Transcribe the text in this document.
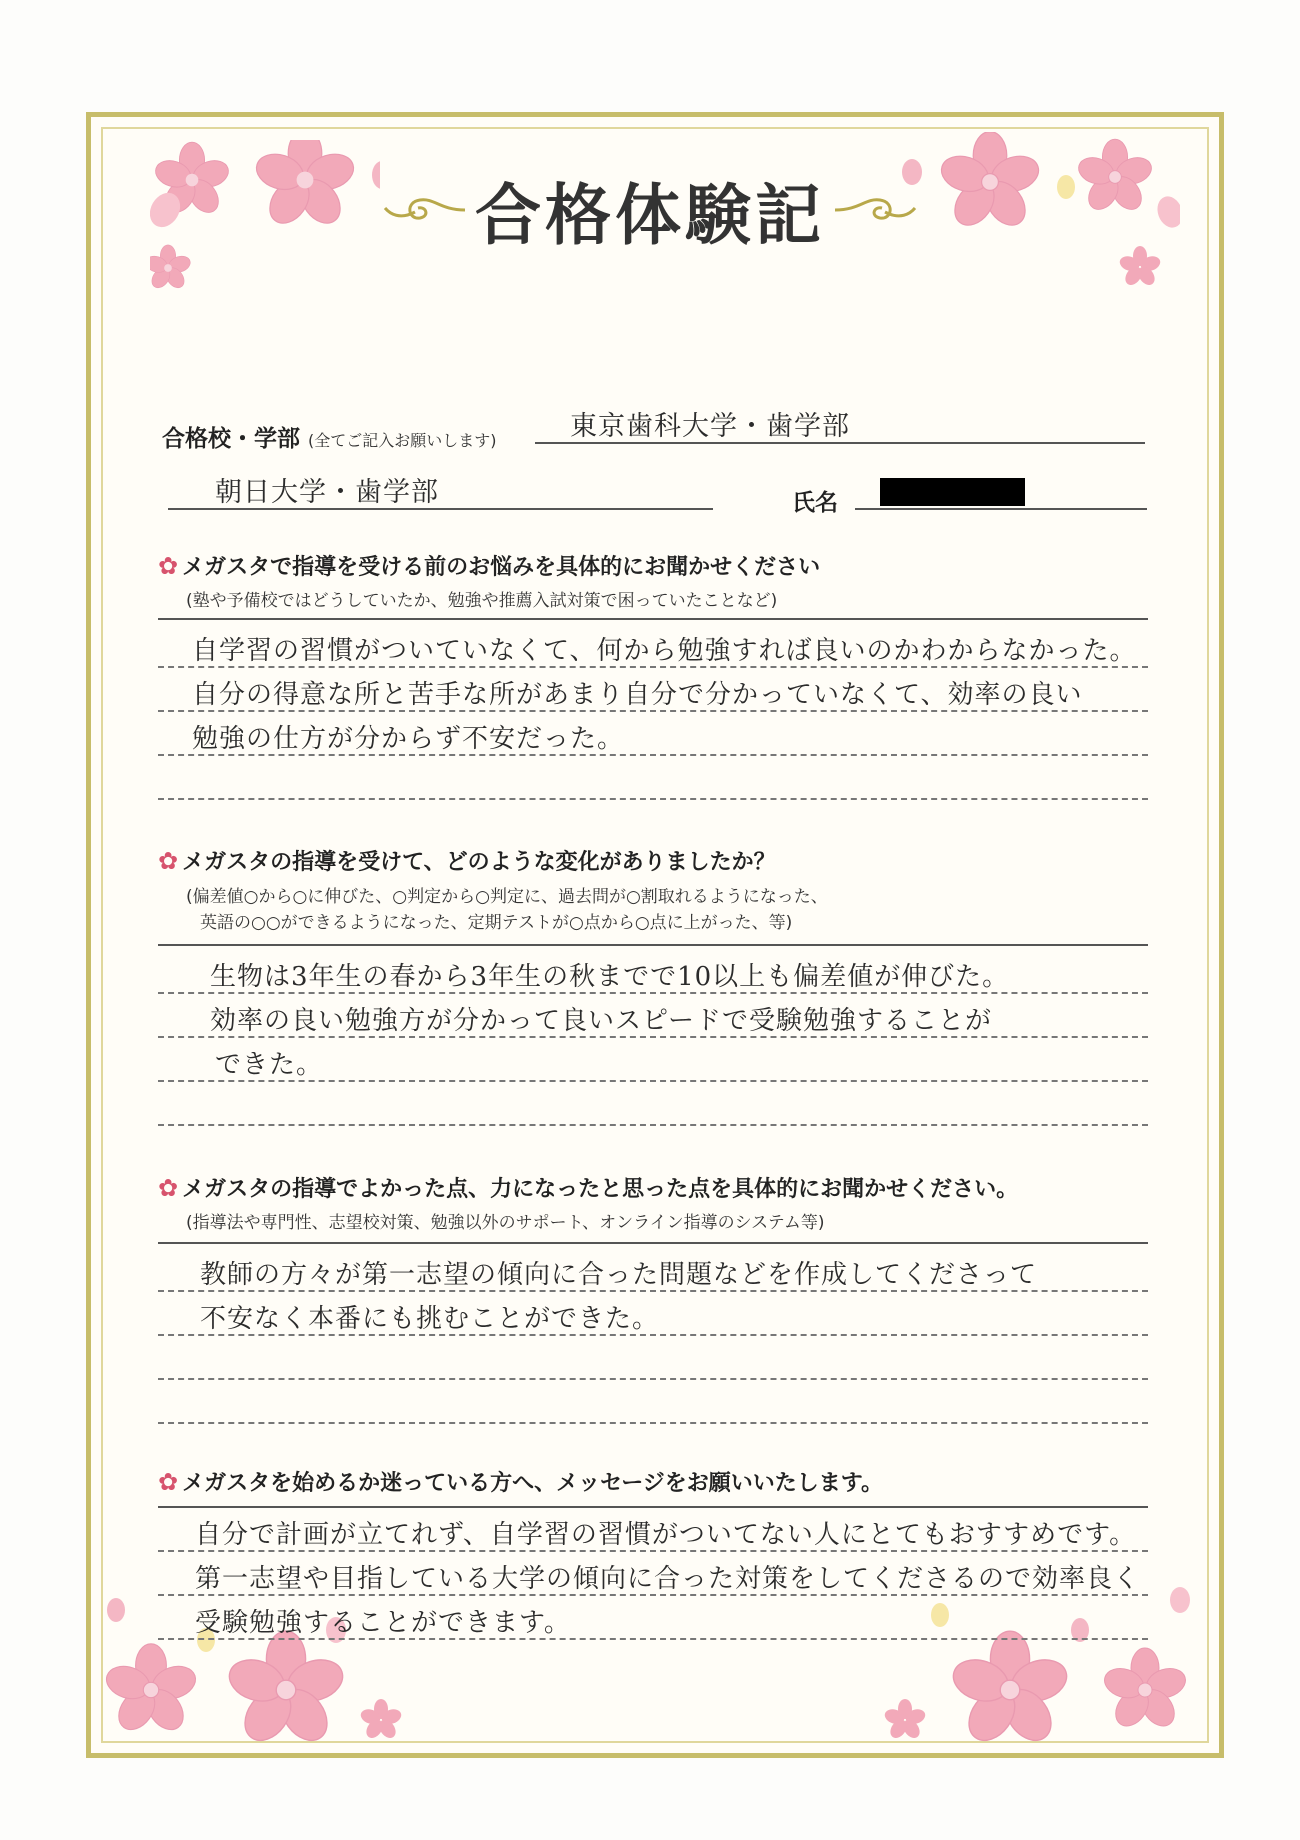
合格体験記
合格校・学部 (全てご記入お願いします)	東京歯科大学・歯学部
朝日大学・歯学部	氏名
✿ メガスタで指導を受ける前のお悩みを具体的にお聞かせください
(塾や予備校ではどうしていたか、勉強や推薦入試対策で困っていたことなど)
自学習の習慣がついていなくて、何から勉強すれば良いのかわからなかった。
自分の得意な所と苦手な所があまり自分で分かっていなくて、効率の良い
勉強の仕方が分からず不安だった。
✿ メガスタの指導を受けて、どのような変化がありましたか？
(偏差値○から○に伸びた、○判定から○判定に、過去問が○割取れるようになった、
英語の○○ができるようになった、定期テストが○点から○点に上がった、等)
生物は3年生の春から3年生の秋までで10以上も偏差値が伸びた。
効率の良い勉強方が分かって良いスピードで受験勉強することが
できた。
✿ メガスタの指導でよかった点、力になったと思った点を具体的にお聞かせください。
(指導法や専門性、志望校対策、勉強以外のサポート、オンライン指導のシステム等)
教師の方々が第一志望の傾向に合った問題などを作成してくださって
不安なく本番にも挑むことができた。
✿ メガスタを始めるか迷っている方へ、メッセージをお願いいたします。
自分で計画が立てれず、自学習の習慣がついてない人にとてもおすすめです。
第一志望や目指している大学の傾向に合った対策をしてくださるので効率良く
受験勉強することができます。
